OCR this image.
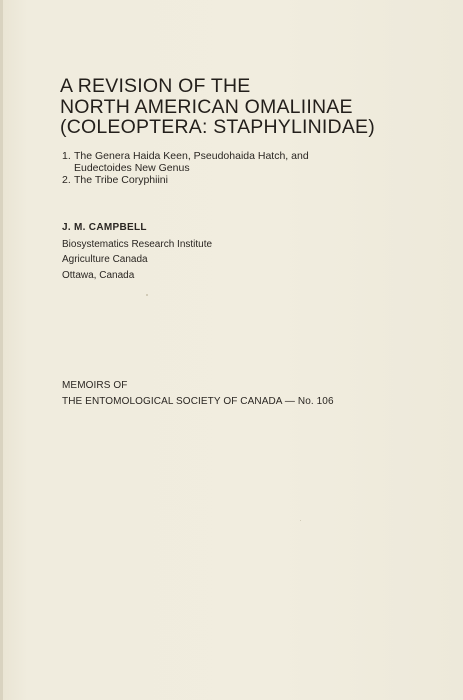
A REVISION OF THE
NORTH AMERICAN OMALIINAE
(COLEOPTERA: STAPHYLINIDAE)
1. The Genera Haida Keen, Pseudohaida Hatch, and
Eudectoides New Genus
2. The Tribe Coryphiini
J. M. CAMPBELL
Biosystematics Research Institute
Agriculture Canada
Ottawa, Canada
MEMOIRS OF
THE ENTOMOLOGICAL SOCIETY OF CANADA — No. 106
